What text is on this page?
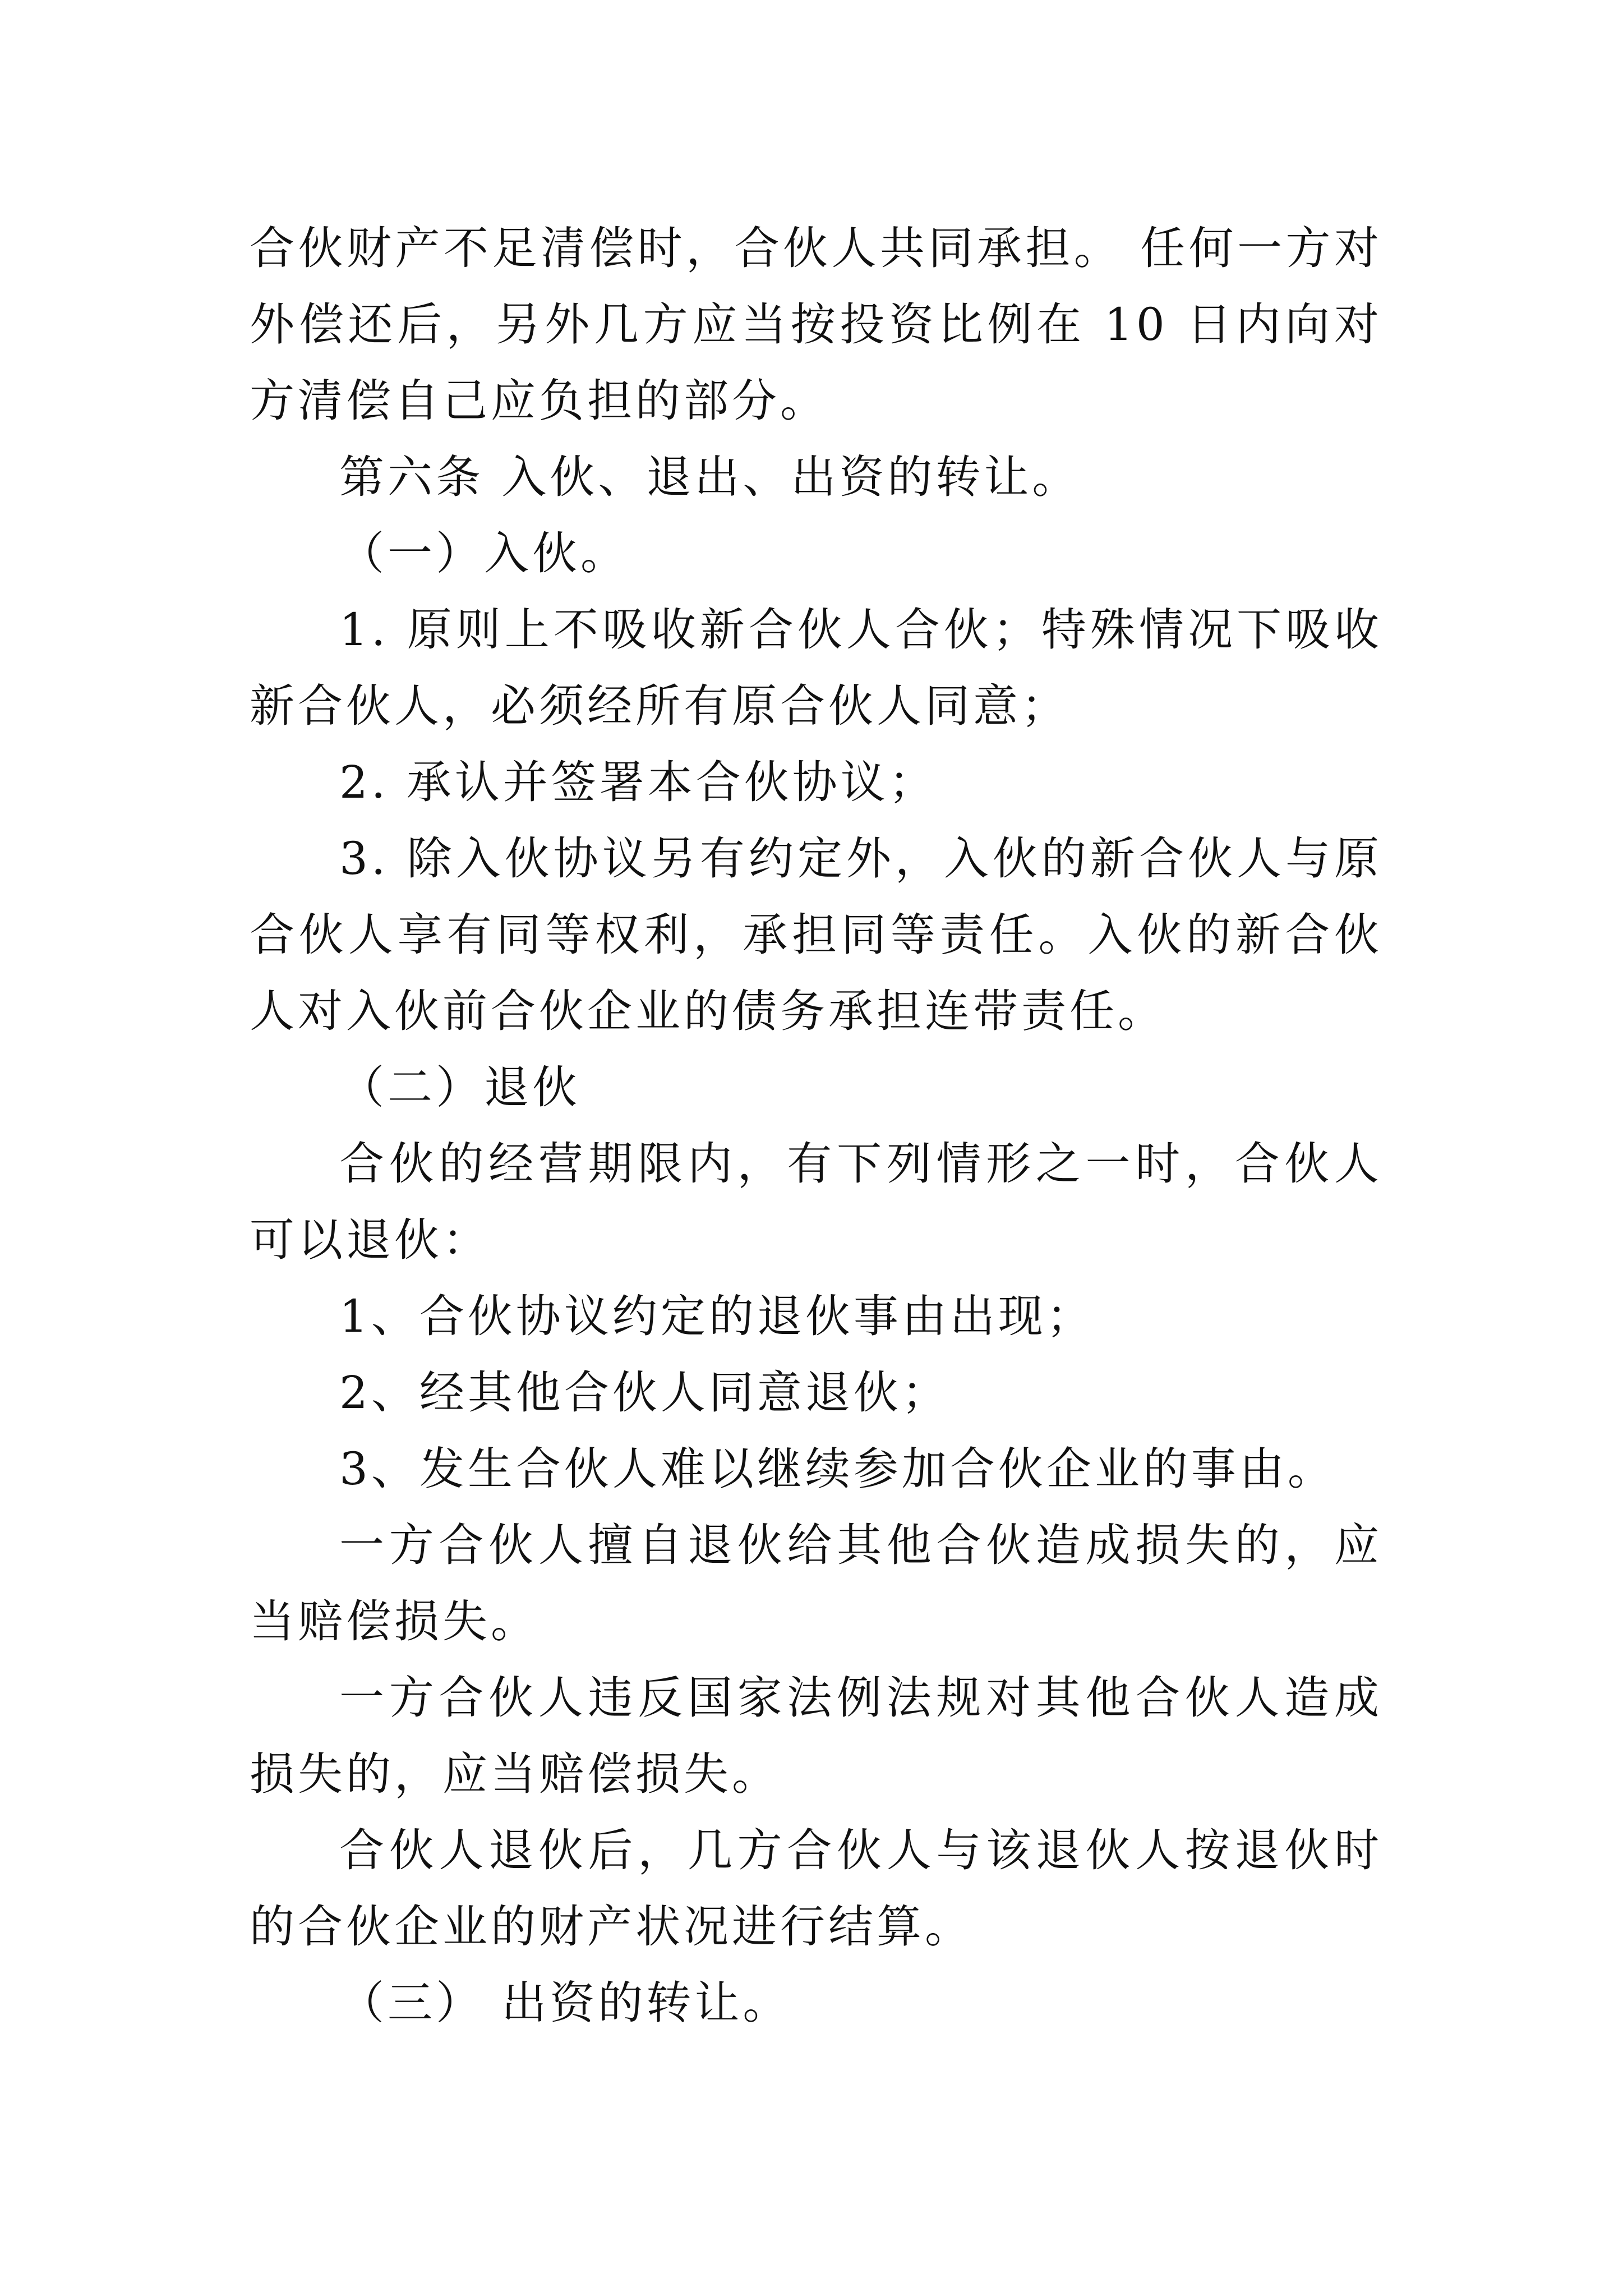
合伙财产不足清偿时，合伙人共同承担。 任何一方对外偿还后，另外几方应当按投资比例在 10 日内向对方清偿自己应负担的部分。

第六条 入伙、退出、出资的转让。

（一）入伙。

1. 原则上不吸收新合伙人合伙；特殊情况下吸收新合伙人，必须经所有原合伙人同意；

2. 承认并签署本合伙协议；

3. 除入伙协议另有约定外，入伙的新合伙人与原合伙人享有同等权利，承担同等责任。入伙的新合伙人对入伙前合伙企业的债务承担连带责任。

（二）退伙

合伙的经营期限内，有下列情形之一时，合伙人可以退伙：

1、合伙协议约定的退伙事由出现；

2、经其他合伙人同意退伙；

3、发生合伙人难以继续参加合伙企业的事由。

一方合伙人擅自退伙给其他合伙造成损失的，应当赔偿损失。

一方合伙人违反国家法例法规对其他合伙人造成损失的，应当赔偿损失。

合伙人退伙后，几方合伙人与该退伙人按退伙时的合伙企业的财产状况进行结算。

（三） 出资的转让。
